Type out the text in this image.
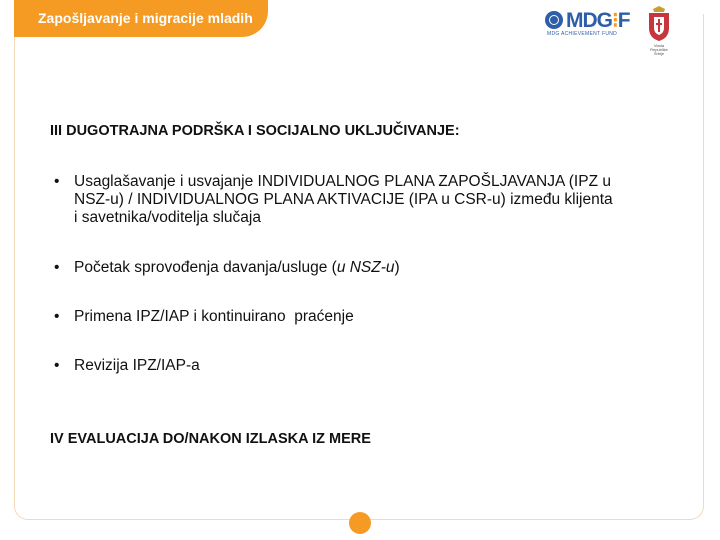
Zapošljavanje i migracije mladih	MDG⁝F
MDG ACHIEVEMENT FUND
Vlada
Republike
Srbije
III DUGOTRAJNA PODRŠKA I SOCIJALNO UKLJUČIVANJE:
• Usaglašavanje i usvajanje INDIVIDUALNOG PLANA ZAPOŠLJAVANJA (IPZ u
NSZ-u) / INDIVIDUALNOG PLANA AKTIVACIJE (IPA u CSR-u) između klijenta
i savetnika/voditelja slučaja
• Početak sprovođenja davanja/usluge (u NSZ-u)
• Primena IPZ/IAP i kontinuirano  praćenje
• Revizija IPZ/IAP-a
IV EVALUACIJA DO/NAKON IZLASKA IZ MERE
